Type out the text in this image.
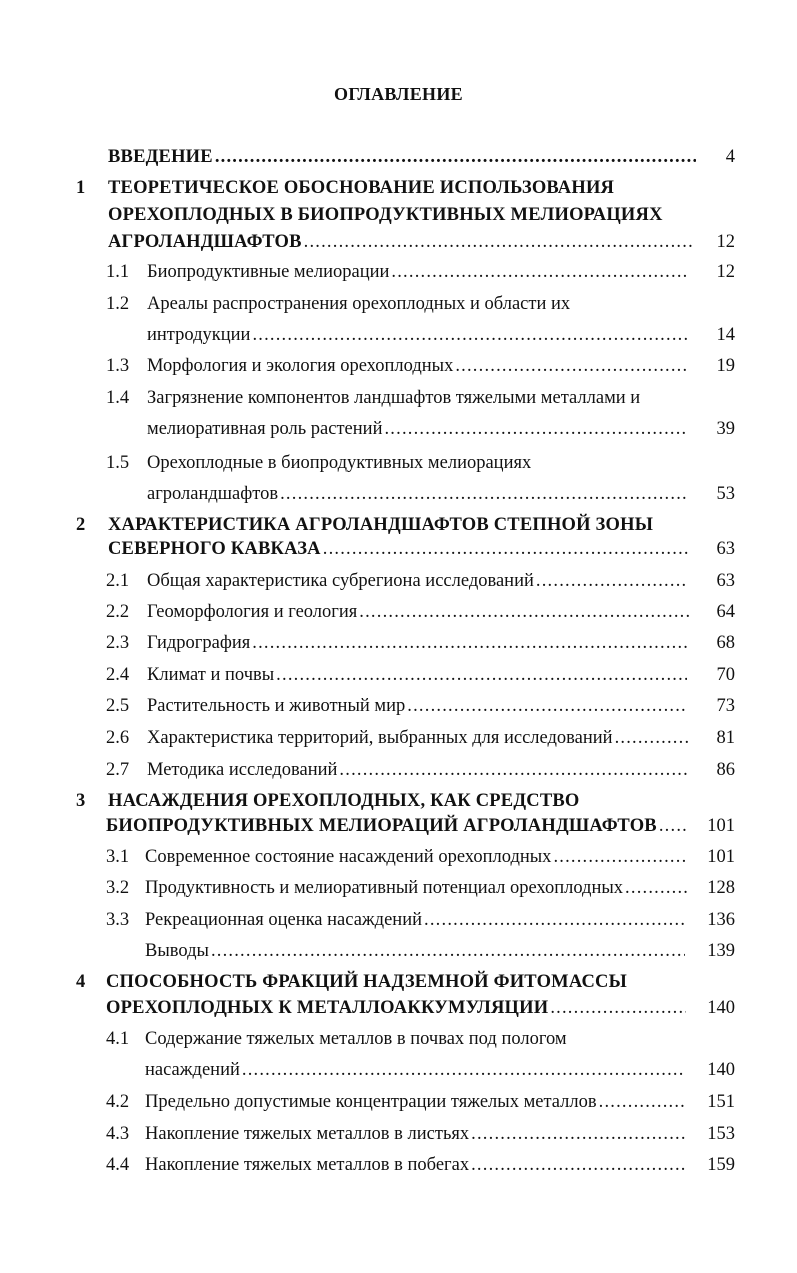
ОГЛАВЛЕНИЕ
ВВЕДЕНИЕ .....	4
1 ТЕОРЕТИЧЕСКОЕ ОБОСНОВАНИЕ ИСПОЛЬЗОВАНИЯ
ОРЕХОПЛОДНЫХ В БИОПРОДУКТИВНЫХ МЕЛИОРАЦИЯХ
АГРОЛАНДШАФТОВ .....	12
1.1 Биопродуктивные мелиорации .....	12
1.2 Ареалы распространения орехоплодных и области их
интродукции .....	14
1.3 Морфология и экология орехоплодных .....	19
1.4 Загрязнение компонентов ландшафтов тяжелыми металлами и
мелиоративная роль растений .....	39
1.5 Орехоплодные в биопродуктивных мелиорациях
агроландшафтов .....	53
2 ХАРАКТЕРИСТИКА АГРОЛАНДШАФТОВ СТЕПНОЙ ЗОНЫ
СЕВЕРНОГО КАВКАЗА .....	63
2.1 Общая характеристика субрегиона исследований .....	63
2.2 Геоморфология и геология .....	64
2.3 Гидрография .....	68
2.4 Климат и почвы .....	70
2.5 Растительность и животный мир .....	73
2.6 Характеристика территорий, выбранных для исследований .....	81
2.7 Методика исследований .....	86
3 НАСАЖДЕНИЯ ОРЕХОПЛОДНЫХ, КАК СРЕДСТВО
БИОПРОДУКТИВНЫХ МЕЛИОРАЦИЙ АГРОЛАНДШАФТОВ .....	101
3.1 Современное состояние насаждений орехоплодных .....	101
3.2 Продуктивность и мелиоративный потенциал орехоплодных .....	128
3.3 Рекреационная оценка насаждений .....	136
Выводы .....	139
4 СПОСОБНОСТЬ ФРАКЦИЙ НАДЗЕМНОЙ ФИТОМАССЫ
ОРЕХОПЛОДНЫХ К МЕТАЛЛОАККУМУЛЯЦИИ .....	140
4.1 Содержание тяжелых металлов в почвах под пологом
насаждений .....	140
4.2 Предельно допустимые концентрации тяжелых металлов .....	151
4.3 Накопление тяжелых металлов в листьях .....	153
4.4 Накопление тяжелых металлов в побегах .....	159
